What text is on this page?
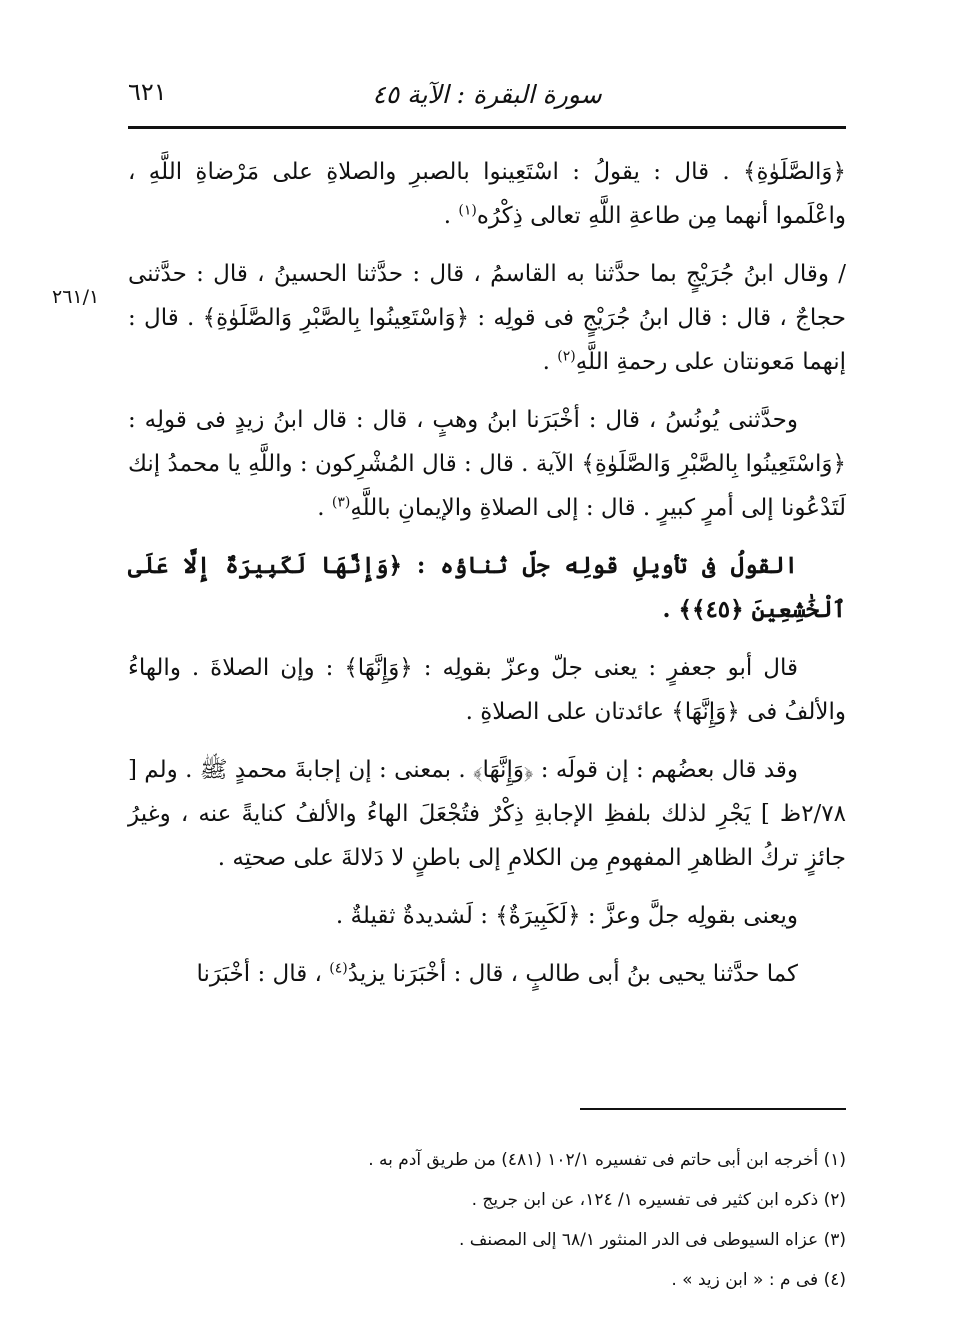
سورة البقرة : الآية ٤٥
٦٢١
٢٦١/١

﴿وَالصَّلَوٰةِ﴾ . قال : يقولُ : اسْتَعِينوا بالصبرِ والصلاةِ على مَرْضاةِ اللَّهِ ، واعْلَموا أنهما مِن طاعةِ اللَّهِ تعالى ذِكْرُه$^{(١)}$ .

/ وقال ابنُ جُرَيْجٍ بما حدَّثنا به القاسمُ ، قال : حدَّثنا الحسينُ ، قال : حدَّثنى حجاجٌ ، قال : قال ابنُ جُرَيْجٍ فى قولِه : ﴿وَاسْتَعِينُوا بِالصَّبْرِ وَالصَّلَوٰةِ﴾ . قال : إنهما مَعونتان على رحمةِ اللَّهِ$^{(٢)}$ .

وحدَّثنى يُونُسُ ، قال : أخْبَرَنا ابنُ وهبٍ ، قال : قال ابنُ زيدٍ فى قولِه : ﴿وَاسْتَعِينُوا بِالصَّبْرِ وَالصَّلَوٰةِ﴾ الآية . قال : قال المُشْرِكون : واللَّهِ يا محمدُ إنك لَتَدْعُونا إلى أمرٍ كبيرٍ . قال : إلى الصلاةِ والإيمانِ باللَّهِ$^{(٣)}$ .

القولُ فى تأويلِ قولِه جلّ ثناؤه : ﴿وَإِنَّهَا لَكَبِيرَةٌ إِلَّا عَلَى ٱلْخَٰشِعِينَ ﴿٤٥﴾﴾ .

قال أبو جعفرٍ : يعنى جلّ وعزّ بقولِه : ﴿وَإِنَّهَا﴾ : وإن الصلاةَ . والهاءُ والألفُ فى ﴿وَإِنَّهَا﴾ عائدتان على الصلاةِ .

وقد قال بعضُهم : إن قولَه : ﴿وَإِنَّهَا﴾ . بمعنى : إن إجابةَ محمدٍ ﷺ . ولم [ ٢/٧٨ظ ] يَجْرِ لذلك بلفظِ الإجابةِ ذِكْرٌ فتُجْعَلَ الهاءُ والألفُ كنايةً عنه ، وغيرُ جائزٍ تركُ الظاهرِ المفهومِ مِن الكلامِ إلى باطنٍ لا دَلالةَ على صحتِه .

ويعنى بقولِه جلَّ وعزَّ : ﴿لَكَبِيرَةٌ﴾ : لَشديدةٌ ثقيلةٌ .

كما حدَّثنا يحيى بنُ أبى طالبٍ ، قال : أخْبَرَنا يزيدُ$^{(٤)}$ ، قال : أخْبَرَنا

(١) أخرجه ابن أبى حاتم فى تفسيره ١٠٢/١ (٤٨١) من طريق آدم به .
(٢) ذكره ابن كثير فى تفسيره ١/ ١٢٤، عن ابن جريج .
(٣) عزاه السيوطى فى الدر المنثور ٦٨/١ إلى المصنف .
(٤) فى م : « ابن زيد » .
